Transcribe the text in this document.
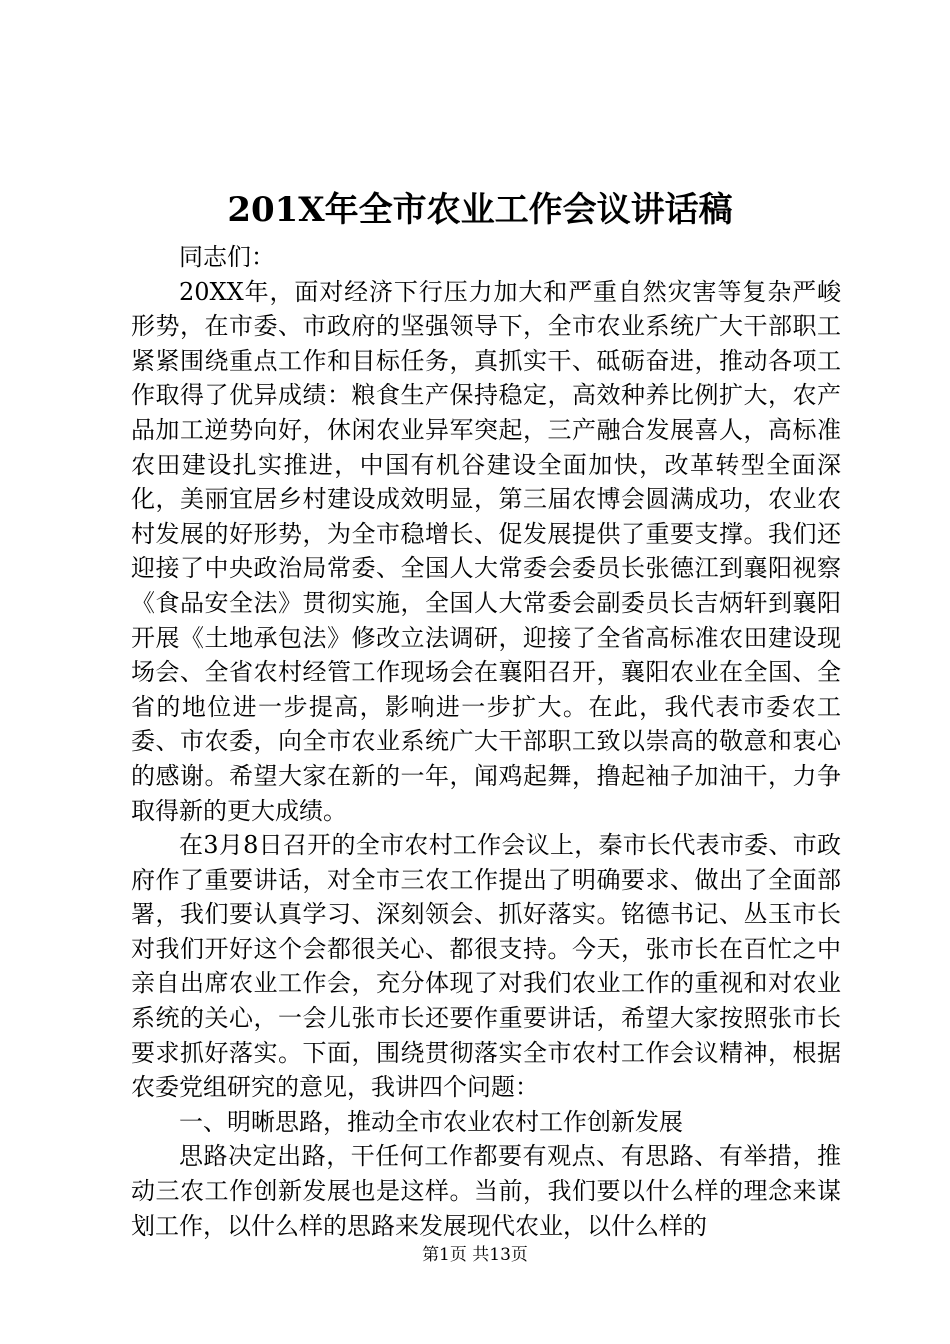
201X年全市农业工作会议讲话稿

同志们：

20XX年，面对经济下行压力加大和严重自然灾害等复杂严峻形势，在市委、市政府的坚强领导下，全市农业系统广大干部职工紧紧围绕重点工作和目标任务，真抓实干、砥砺奋进，推动各项工作取得了优异成绩：粮食生产保持稳定，高效种养比例扩大，农产品加工逆势向好，休闲农业异军突起，三产融合发展喜人，高标准农田建设扎实推进，中国有机谷建设全面加快，改革转型全面深化，美丽宜居乡村建设成效明显，第三届农博会圆满成功，农业农村发展的好形势，为全市稳增长、促发展提供了重要支撑。我们还迎接了中央政治局常委、全国人大常委会委员长张德江到襄阳视察《食品安全法》贯彻实施，全国人大常委会副委员长吉炳轩到襄阳开展《土地承包法》修改立法调研，迎接了全省高标准农田建设现场会、全省农村经管工作现场会在襄阳召开，襄阳农业在全国、全省的地位进一步提高，影响进一步扩大。在此，我代表市委农工委、市农委，向全市农业系统广大干部职工致以崇高的敬意和衷心的感谢。希望大家在新的一年，闻鸡起舞，撸起袖子加油干，力争取得新的更大成绩。

在3月8日召开的全市农村工作会议上，秦市长代表市委、市政府作了重要讲话，对全市三农工作提出了明确要求、做出了全面部署，我们要认真学习、深刻领会、抓好落实。铭德书记、丛玉市长对我们开好这个会都很关心、都很支持。今天，张市长在百忙之中亲自出席农业工作会，充分体现了对我们农业工作的重视和对农业系统的关心，一会儿张市长还要作重要讲话，希望大家按照张市长要求抓好落实。下面，围绕贯彻落实全市农村工作会议精神，根据农委党组研究的意见，我讲四个问题：

一、明晰思路，推动全市农业农村工作创新发展

思路决定出路，干任何工作都要有观点、有思路、有举措，推动三农工作创新发展也是这样。当前，我们要以什么样的理念来谋划工作，以什么样的思路来发展现代农业，以什么样的

第1页 共13页
